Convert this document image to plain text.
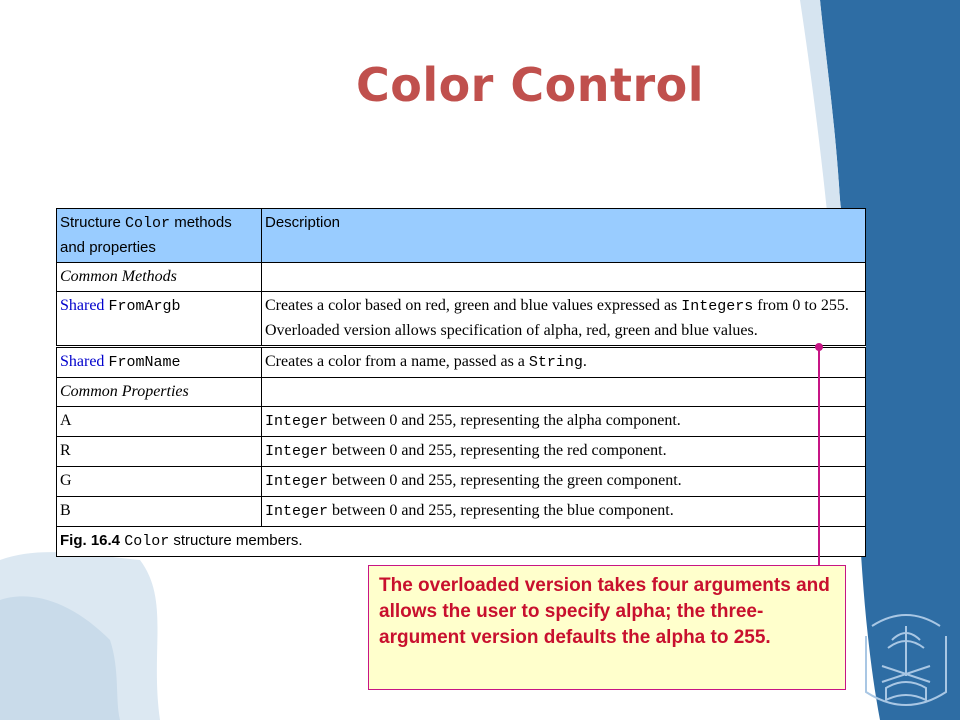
Color Control
Structure Color methods and properties	Description
Common Methods	
Shared FromArgb	Creates a color based on red, green and blue values expressed as Integers from 0 to 255. Overloaded version allows specification of alpha, red, green and blue values.
Shared FromName	Creates a color from a name, passed as a String.
Common Properties	
A	Integer between 0 and 255, representing the alpha component.
R	Integer between 0 and 255, representing the red component.
G	Integer between 0 and 255, representing the green component.
B	Integer between 0 and 255, representing the blue component.
Fig. 16.4 Color structure members.	
The overloaded version takes four arguments and allows the user to specify alpha; the three-argument version defaults the alpha to 255.
